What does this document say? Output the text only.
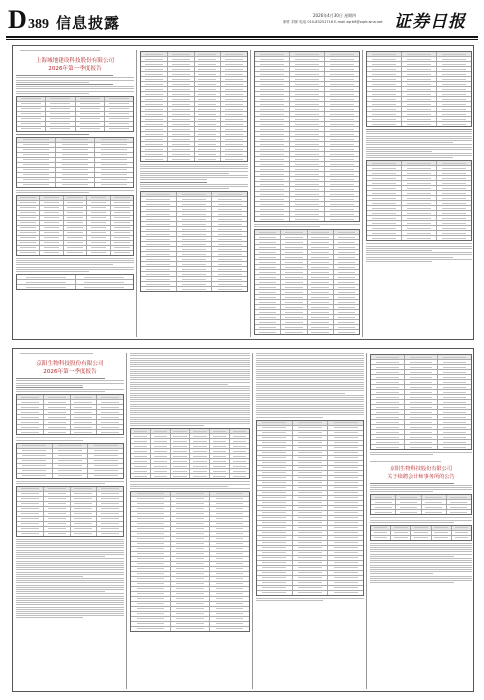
D 389 信息披露	2026年4月30日 星期四
制作 刘萍 电话 010-83251716 E-mail zqrb9@zqrb.sina.net 证券日报
上海城地建设科技股份有限公司
2026年第一季度报告
京阳生物科技股份有限公司
2026年第一季度报告
京阳生物科技股份有限公司
关于续聘会计师事务所的公告
